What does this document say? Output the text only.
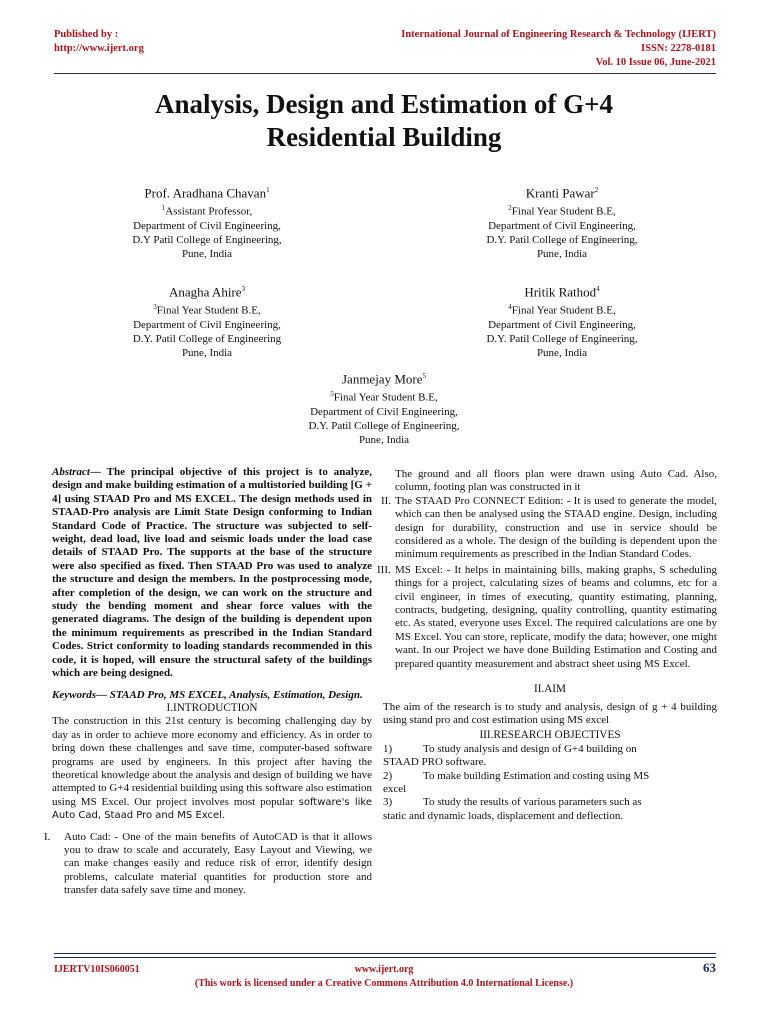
Published by :
http://www.ijert.org
International Journal of Engineering Research & Technology (IJERT)
ISSN: 2278-0181
Vol. 10 Issue 06, June-2021
Analysis, Design and Estimation of G+4
Residential Building
Prof. Aradhana Chavan$^1$
$^1$Assistant Professor,
Department of Civil Engineering,
D.Y Patil College of Engineering,
Pune, India
Kranti Pawar$^2$
$^2$Final Year Student B.E,
Department of Civil Engineering,
D.Y. Patil College of Engineering,
Pune, India
Anagha Ahire$^3$
$^3$Final Year Student B.E,
Department of Civil Engineering,
D.Y. Patil College of Engineering
Pune, India
Hritik Rathod$^4$
$^4$Final Year Student B.E,
Department of Civil Engineering,
D.Y. Patil College of Engineering,
Pune, India
Janmejay More$^5$
$^5$Final Year Student B.E,
Department of Civil Engineering,
D.Y. Patil College of Engineering,
Pune, India

Abstract— The principal objective of this project is to analyze, design and make building estimation of a multistoried building [G + 4] using STAAD Pro and MS EXCEL. The design methods used in STAAD-Pro analysis are Limit State Design conforming to Indian Standard Code of Practice. The structure was subjected to self-weight, dead load, live load and seismic loads under the load case details of STAAD Pro. The supports at the base of the structure were also specified as fixed. Then STAAD Pro was used to analyze the structure and design the members. In the postprocessing mode, after completion of the design, we can work on the structure and study the bending moment and shear force values with the generated diagrams. The design of the building is dependent upon the minimum requirements as prescribed in the Indian Standard Codes. Strict conformity to loading standards recommended in this code, it is hoped, will ensure the structural safety of the buildings which are being designed.

Keywords— STAAD Pro, MS EXCEL, Analysis, Estimation, Design.

I.INTRODUCTION

The construction in this 21st century is becoming challenging day by day as in order to achieve more economy and efficiency. As in order to bring down these challenges and save time, computer-based software programs are used by engineers. In this project after having the theoretical knowledge about the analysis and design of building we have attempted to G+4 residential building using this software also estimation using MS Excel. Our project involves most popular software's like Auto Cad, Staad Pro and MS Excel.

I. Auto Cad: - One of the main benefits of AutoCAD is that it allows you to draw to scale and accurately, Easy Layout and Viewing, we can make changes easily and reduce risk of error, identify design problems, calculate material quantities for production store and transfer data safely save time and money.

The ground and all floors plan were drawn using Auto Cad. Also, column, footing plan was constructed in it

II. The STAAD Pro CONNECT Edition: - It is used to generate the model, which can then be analysed using the STAAD engine. Design, including design for durability, construction and use in service should be considered as a whole. The design of the building is dependent upon the minimum requirements as prescribed in the Indian Standard Codes.
III. MS Excel: - It helps in maintaining bills, making graphs, S scheduling things for a project, calculating sizes of beams and columns, etc for a civil engineer, in times of executing, quantity estimating, planning, contracts, budgeting, designing, quality controlling, quantity estimating etc. As stated, everyone uses Excel. The required calculations are one by MS Excel. You can store, replicate, modify the data; however, one might want. In our Project we have done Building Estimation and Costing and prepared quantity measurement and abstract sheet using MS Excel.

II.AIM

The aim of the research is to study and analysis, design of g + 4 building using stand pro and cost estimation using MS excel

III.RESEARCH OBJECTIVES

1)	To study analysis and design of G+4 building on
STAAD PRO software.
2)	To make building Estimation and costing using MS
excel
3)	To study the results of various parameters such as
static and dynamic loads, displacement and deflection.
IJERTV10IS060051	www.ijert.org	63
(This work is licensed under a Creative Commons Attribution 4.0 International License.)
